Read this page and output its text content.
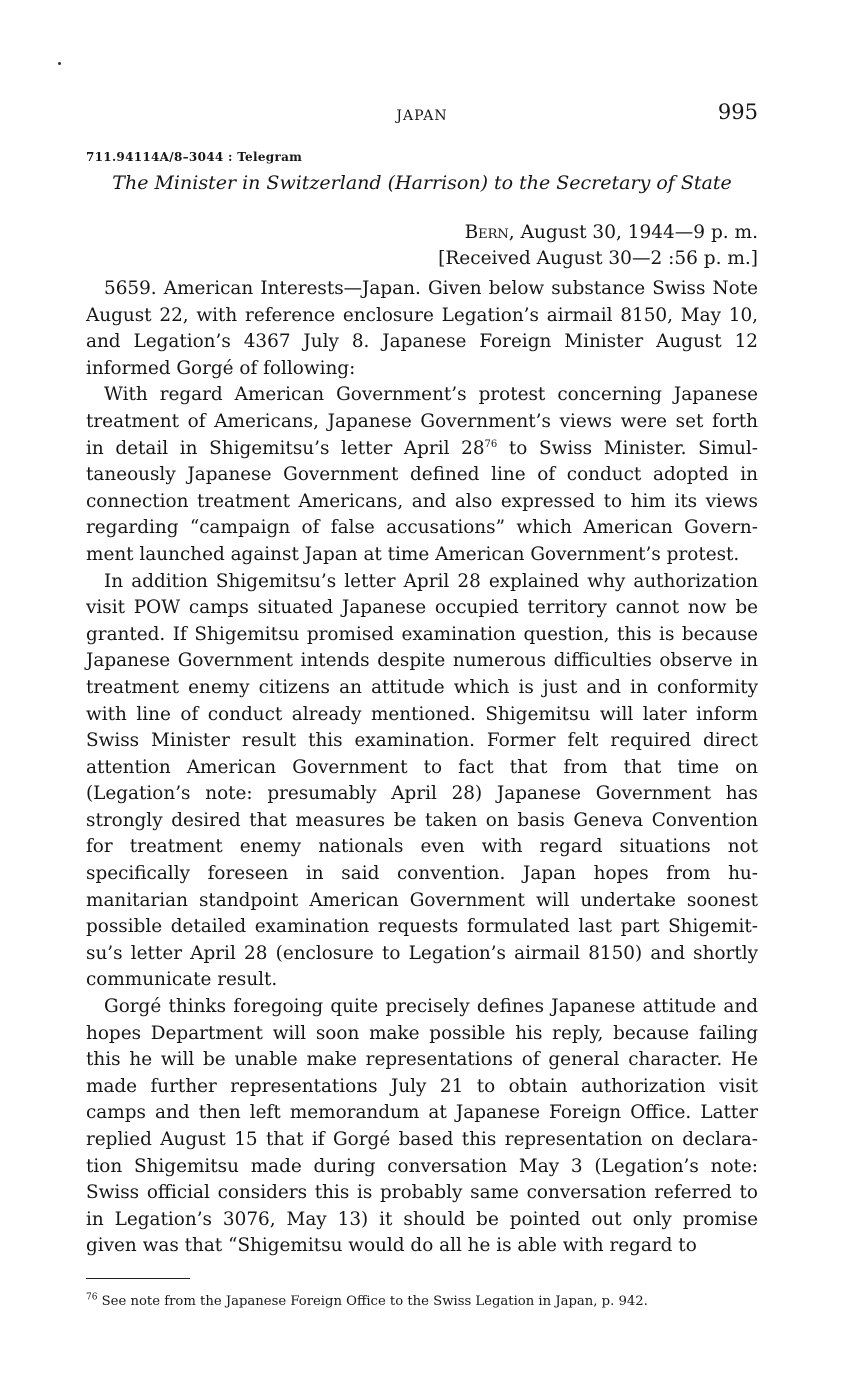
JAPAN	995
711.94114A/8–3044 : Telegram
The Minister in Switzerland (Harrison) to the Secretary of State
Bern, August 30, 1944—9 p. m.
[Received August 30—2 :56 p. m.]

5659. American Interests—Japan. Given below substance Swiss Note August 22, with reference enclosure Legation’s airmail 8150, May 10, and Legation’s 4367 July 8. Japanese Foreign Minister August 12 informed Gorgé of following:

With regard American Government’s protest concerning Japanese treatment of Americans, Japanese Government’s views were set forth in detail in Shigemitsu’s letter April 28$^{76}$ to Swiss Minister. Simultaneously Japanese Government defined line of conduct adopted in connection treatment Americans, and also expressed to him its views regarding “campaign of false accusations” which American Government launched against Japan at time American Government’s protest.

In addition Shigemitsu’s letter April 28 explained why authorization visit POW camps situated Japanese occupied territory cannot now be granted. If Shigemitsu promised examination question, this is because Japanese Government intends despite numerous difficulties observe in treatment enemy citizens an attitude which is just and in conformity with line of conduct already mentioned. Shigemitsu will later inform Swiss Minister result this examination. Former felt required direct attention American Government to fact that from that time on (Legation’s note: presumably April 28) Japanese Government has strongly desired that measures be taken on basis Geneva Convention for treatment enemy nationals even with regard situations not specifically foreseen in said convention. Japan hopes from humanitarian standpoint American Government will undertake soonest possible detailed examination requests formulated last part Shigemitsu’s letter April 28 (enclosure to Legation’s airmail 8150) and shortly communicate result.

Gorgé thinks foregoing quite precisely defines Japanese attitude and hopes Department will soon make possible his reply, because failing this he will be unable make representations of general character. He made further representations July 21 to obtain authorization visit camps and then left memorandum at Japanese Foreign Office. Latter replied August 15 that if Gorgé based this representation on declaration Shigemitsu made during conversation May 3 (Legation’s note: Swiss official considers this is probably same conversation referred to in Legation’s 3076, May 13) it should be pointed out only promise given was that “Shigemitsu would do all he is able with regard to

$^{76}$ See note from the Japanese Foreign Office to the Swiss Legation in Japan, p. 942.
